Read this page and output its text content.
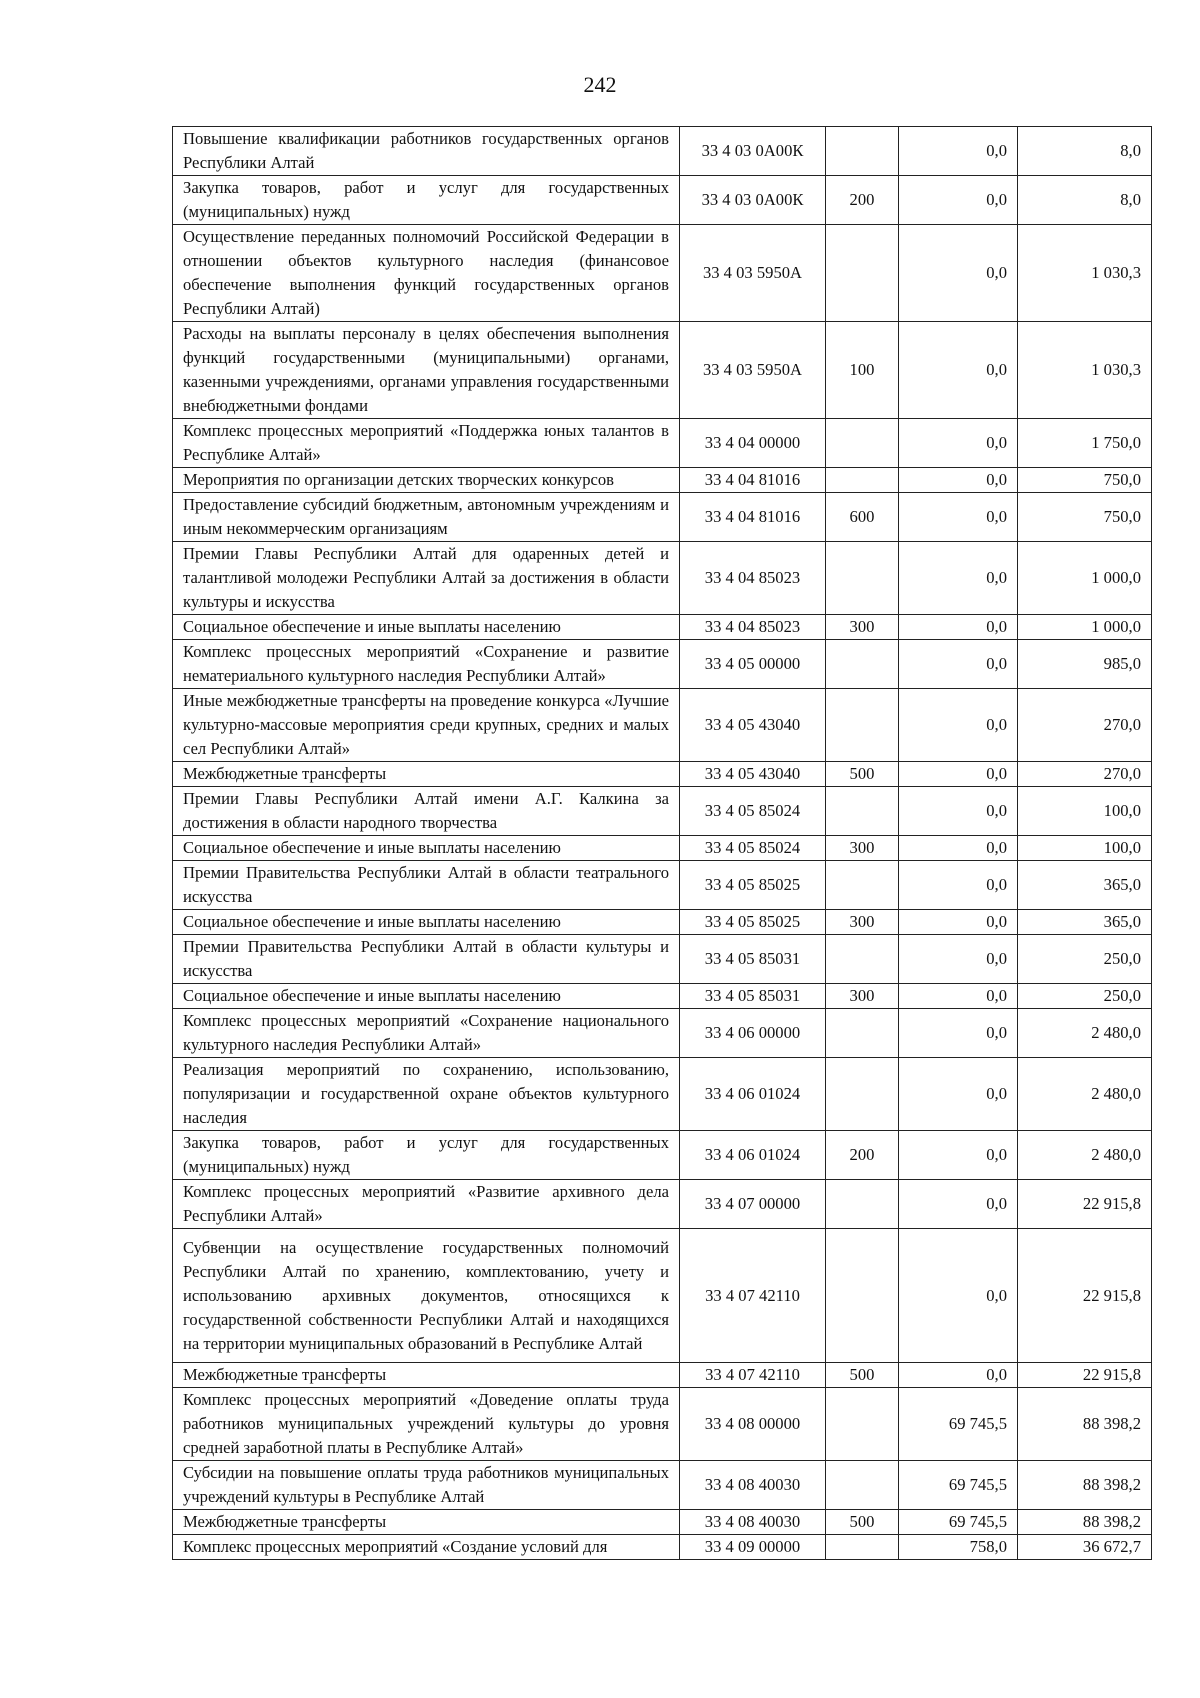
242
Повышение квалификации работников государственных органов Республики Алтай	33 4 03 0А00К		0,0	8,0
Закупка товаров, работ и услуг для государственных (муниципальных) нужд	33 4 03 0А00К	200	0,0	8,0
Осуществление переданных полномочий Российской Федерации в отношении объектов культурного наследия (финансовое обеспечение выполнения функций государственных органов Республики Алтай)	33 4 03 5950А		0,0	1 030,3
Расходы на выплаты персоналу в целях обеспечения выполнения функций государственными (муниципальными) органами, казенными учреждениями, органами управления государственными внебюджетными фондами	33 4 03 5950А	100	0,0	1 030,3
Комплекс процессных мероприятий «Поддержка юных талантов в Республике Алтай»	33 4 04 00000		0,0	1 750,0
Мероприятия по организации детских творческих конкурсов	33 4 04 81016		0,0	750,0
Предоставление субсидий бюджетным, автономным учреждениям и иным некоммерческим организациям	33 4 04 81016	600	0,0	750,0
Премии Главы Республики Алтай для одаренных детей и талантливой молодежи Республики Алтай за достижения в области культуры и искусства	33 4 04 85023		0,0	1 000,0
Социальное обеспечение и иные выплаты населению	33 4 04 85023	300	0,0	1 000,0
Комплекс процессных мероприятий «Сохранение и развитие нематериального культурного наследия Республики Алтай»	33 4 05 00000		0,0	985,0
Иные межбюджетные трансферты на проведение конкурса «Лучшие культурно-массовые мероприятия среди крупных, средних и малых сел Республики Алтай»	33 4 05 43040		0,0	270,0
Межбюджетные трансферты	33 4 05 43040	500	0,0	270,0
Премии Главы Республики Алтай имени А.Г. Калкина за достижения в области народного творчества	33 4 05 85024		0,0	100,0
Социальное обеспечение и иные выплаты населению	33 4 05 85024	300	0,0	100,0
Премии Правительства Республики Алтай в области театрального искусства	33 4 05 85025		0,0	365,0
Социальное обеспечение и иные выплаты населению	33 4 05 85025	300	0,0	365,0
Премии Правительства Республики Алтай в области культуры и искусства	33 4 05 85031		0,0	250,0
Социальное обеспечение и иные выплаты населению	33 4 05 85031	300	0,0	250,0
Комплекс процессных мероприятий «Сохранение национального культурного наследия Республики Алтай»	33 4 06 00000		0,0	2 480,0
Реализация мероприятий по сохранению, использованию, популяризации и государственной охране объектов культурного наследия	33 4 06 01024		0,0	2 480,0
Закупка товаров, работ и услуг для государственных (муниципальных) нужд	33 4 06 01024	200	0,0	2 480,0
Комплекс процессных мероприятий «Развитие архивного дела Республики Алтай»	33 4 07 00000		0,0	22 915,8
Субвенции на осуществление государственных полномочий Республики Алтай по хранению, комплектованию, учету и использованию архивных документов, относящихся к государственной собственности Республики Алтай и находящихся на территории муниципальных образований в Республике Алтай	33 4 07 42110		0,0	22 915,8
Межбюджетные трансферты	33 4 07 42110	500	0,0	22 915,8
Комплекс процессных мероприятий «Доведение оплаты труда работников муниципальных учреждений культуры до уровня средней заработной платы в Республике Алтай»	33 4 08 00000		69 745,5	88 398,2
Субсидии на повышение оплаты труда работников муниципальных учреждений культуры в Республике Алтай	33 4 08 40030		69 745,5	88 398,2
Межбюджетные трансферты	33 4 08 40030	500	69 745,5	88 398,2
Комплекс процессных мероприятий «Создание условий для	33 4 09 00000		758,0	36 672,7
